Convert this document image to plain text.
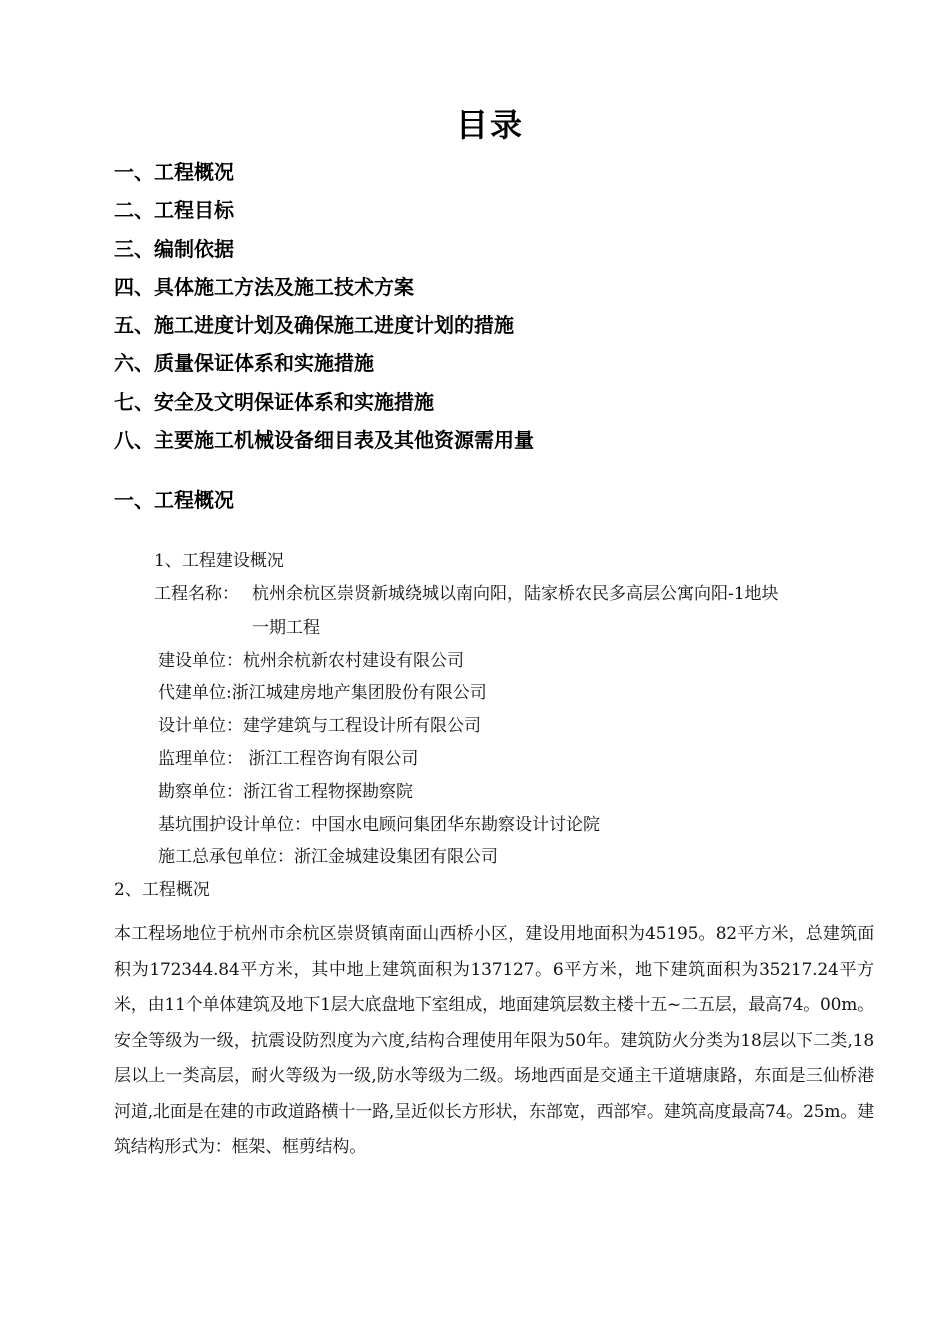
目录
一、工程概况
二、工程目标
三、编制依据
四、具体施工方法及施工技术方案
五、施工进度计划及确保施工进度计划的措施
六、质量保证体系和实施措施
七、安全及文明保证体系和实施措施
八、主要施工机械设备细目表及其他资源需用量
一、工程概况
1、工程建设概况
工程名称： 杭州余杭区崇贤新城绕城以南向阳，陆家桥农民多高层公寓向阳-1地块
一期工程
建设单位：杭州余杭新农村建设有限公司
代建单位:浙江城建房地产集团股份有限公司
设计单位：建学建筑与工程设计所有限公司
监理单位： 浙江工程咨询有限公司
勘察单位：浙江省工程物探勘察院
基坑围护设计单位：中国水电顾问集团华东勘察设计讨论院
施工总承包单位：浙江金城建设集团有限公司
2、工程概况

本工程场地位于杭州市余杭区崇贤镇南面山西桥小区，建设用地面积为45195。82平方米，总建筑面积为172344.84平方米，其中地上建筑面积为137127。6平方米，地下建筑面积为35217.24平方米，由11个单体建筑及地下1层大底盘地下室组成，地面建筑层数主楼十五~二五层，最高74。00m。安全等级为一级，抗震设防烈度为六度,结构合理使用年限为50年。建筑防火分类为18层以下二类,18层以上一类高层，耐火等级为一级,防水等级为二级。场地西面是交通主干道塘康路，东面是三仙桥港河道,北面是在建的市政道路横十一路,呈近似长方形状，东部宽，西部窄。建筑高度最高74。25m。建筑结构形式为：框架、框剪结构。
